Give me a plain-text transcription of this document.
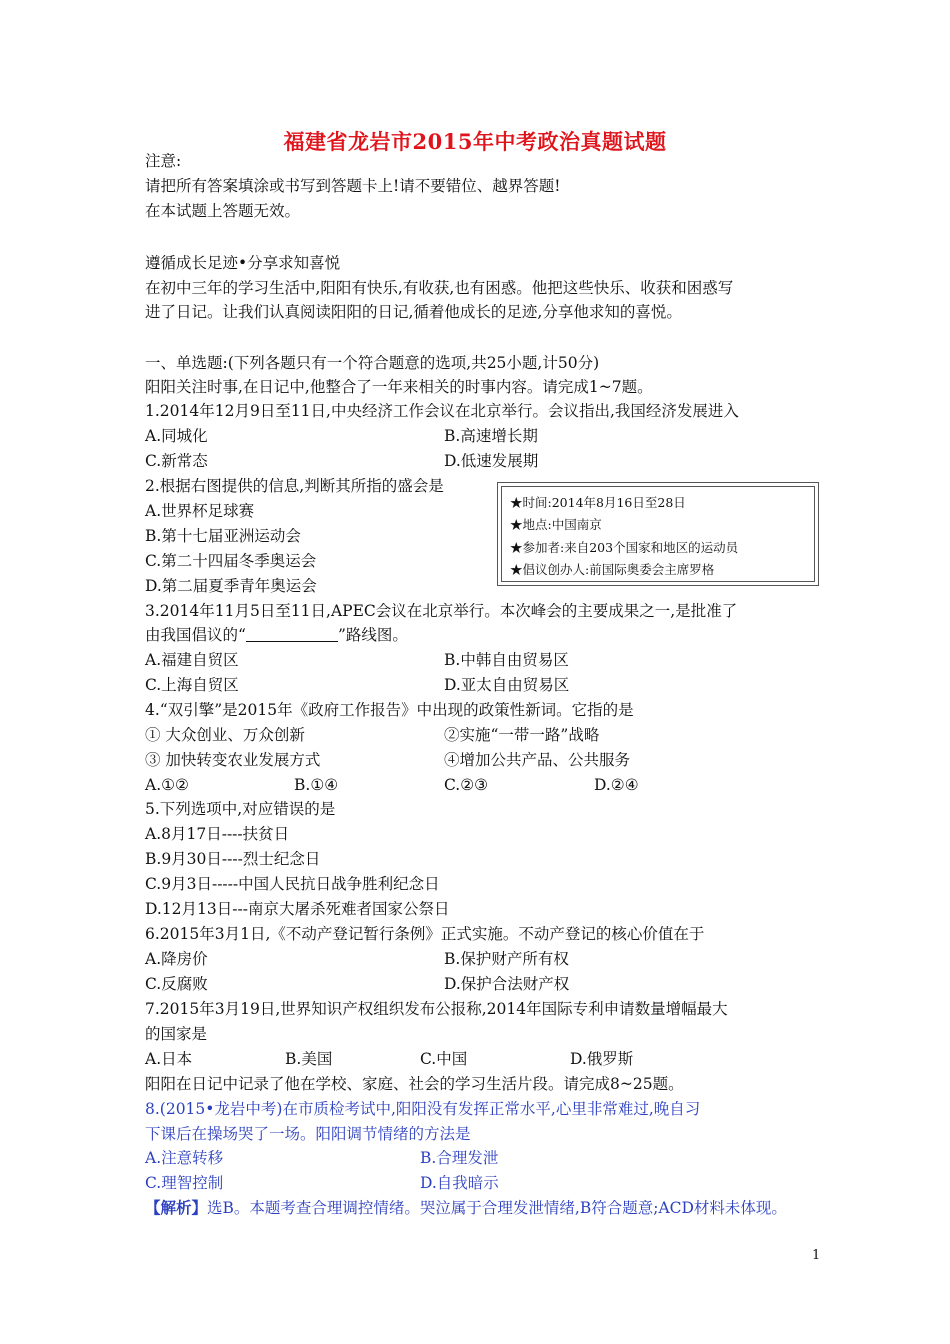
福建省龙岩市2015年中考政治真题试题
注意:
请把所有答案填涂或书写到答题卡上!请不要错位、越界答题!
在本试题上答题无效。
遵循成长足迹•分享求知喜悦
在初中三年的学习生活中,阳阳有快乐,有收获,也有困惑。他把这些快乐、收获和困惑写
进了日记。让我们认真阅读阳阳的日记,循着他成长的足迹,分享他求知的喜悦。
一、单选题:(下列各题只有一个符合题意的选项,共25小题,计50分)
阳阳关注时事,在日记中,他整合了一年来相关的时事内容。请完成1~7题。
1.2014年12月9日至11日,中央经济工作会议在北京举行。会议指出,我国经济发展进入
A.同城化	B.高速增长期
C.新常态	D.低速发展期
2.根据右图提供的信息,判断其所指的盛会是
A.世界杯足球赛
B.第十七届亚洲运动会
C.第二十四届冬季奥运会
D.第二届夏季青年奥运会
★时间:2014年8月16日至28日
★地点:中国南京
★参加者:来自203个国家和地区的运动员
★倡议创办人:前国际奥委会主席罗格
3.2014年11月5日至11日,APEC会议在北京举行。本次峰会的主要成果之一,是批准了
由我国倡议的“	”路线图。
A.福建自贸区	B.中韩自由贸易区
C.上海自贸区	D.亚太自由贸易区
4.“双引擎”是2015年《政府工作报告》中出现的政策性新词。它指的是
① 大众创业、万众创新	②实施“一带一路”战略
③ 加快转变农业发展方式	④增加公共产品、公共服务
A.①②	B.①④	C.②③	D.②④
5.下列选项中,对应错误的是
A.8月17日----扶贫日
B.9月30日----烈士纪念日
C.9月3日-----中国人民抗日战争胜利纪念日
D.12月13日---南京大屠杀死难者国家公祭日
6.2015年3月1日,《不动产登记暂行条例》正式实施。不动产登记的核心价值在于
A.降房价	B.保护财产所有权
C.反腐败	D.保护合法财产权
7.2015年3月19日,世界知识产权组织发布公报称,2014年国际专利申请数量增幅最大
的国家是
A.日本	B.美国	C.中国	D.俄罗斯
阳阳在日记中记录了他在学校、家庭、社会的学习生活片段。请完成8~25题。
8.(2015•龙岩中考)在市质检考试中,阳阳没有发挥正常水平,心里非常难过,晚自习
下课后在操场哭了一场。阳阳调节情绪的方法是
A.注意转移	B.合理发泄
C.理智控制	D.自我暗示
【解析】选B。本题考查合理调控情绪。哭泣属于合理发泄情绪,B符合题意;ACD材料未体现。
1
